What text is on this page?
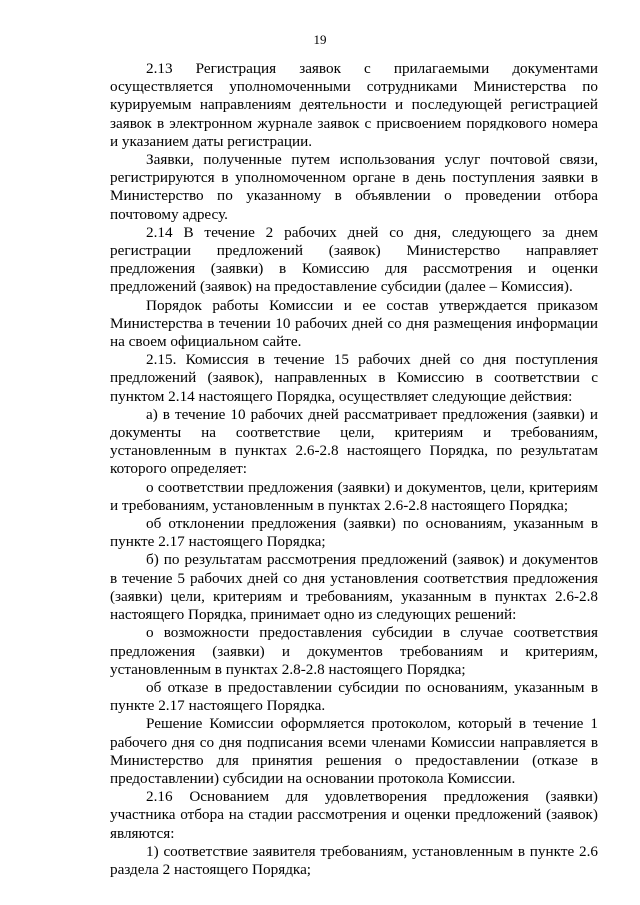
19

2.13 Регистрация заявок с прилагаемыми документами осуществляется уполномоченными сотрудниками Министерства по курируемым направлениям деятельности и последующей регистрацией заявок в электронном журнале заявок с присвоением порядкового номера и указанием даты регистрации.

Заявки, полученные путем использования услуг почтовой связи, регистрируются в уполномоченном органе в день поступления заявки в Министерство по указанному в объявлении о проведении отбора почтовому адресу.

2.14 В течение 2 рабочих дней со дня, следующего за днем регистрации предложений (заявок) Министерство направляет предложения (заявки) в Комиссию для рассмотрения и оценки предложений (заявок) на предоставление субсидии (далее – Комиссия).

Порядок работы Комиссии и ее состав утверждается приказом Министерства в течении 10 рабочих дней со дня размещения информации на своем официальном сайте.

2.15. Комиссия в течение 15 рабочих дней со дня поступления предложений (заявок), направленных в Комиссию в соответствии с пунктом 2.14 настоящего Порядка, осуществляет следующие действия:

а) в течение 10 рабочих дней рассматривает предложения (заявки) и документы на соответствие цели, критериям и требованиям, установленным в пунктах 2.6-2.8 настоящего Порядка, по результатам которого определяет:

о соответствии предложения (заявки) и документов, цели, критериям и требованиям, установленным в пунктах 2.6-2.8 настоящего Порядка;

об отклонении предложения (заявки) по основаниям, указанным в пункте 2.17 настоящего Порядка;

б) по результатам рассмотрения предложений (заявок) и документов в течение 5 рабочих дней со дня установления соответствия предложения (заявки) цели, критериям и требованиям, указанным в пунктах 2.6-2.8 настоящего Порядка, принимает одно из следующих решений:

о возможности предоставления субсидии в случае соответствия предложения (заявки) и документов требованиям и критериям, установленным в пунктах 2.8-2.8 настоящего Порядка;

об отказе в предоставлении субсидии по основаниям, указанным в пункте 2.17 настоящего Порядка.

Решение Комиссии оформляется протоколом, который в течение 1 рабочего дня со дня подписания всеми членами Комиссии направляется в Министерство для принятия решения о предоставлении (отказе в предоставлении) субсидии на основании протокола Комиссии.

2.16 Основанием для удовлетворения предложения (заявки) участника отбора на стадии рассмотрения и оценки предложений (заявок) являются:

1) соответствие заявителя требованиям, установленным в пункте 2.6 раздела 2 настоящего Порядка;
